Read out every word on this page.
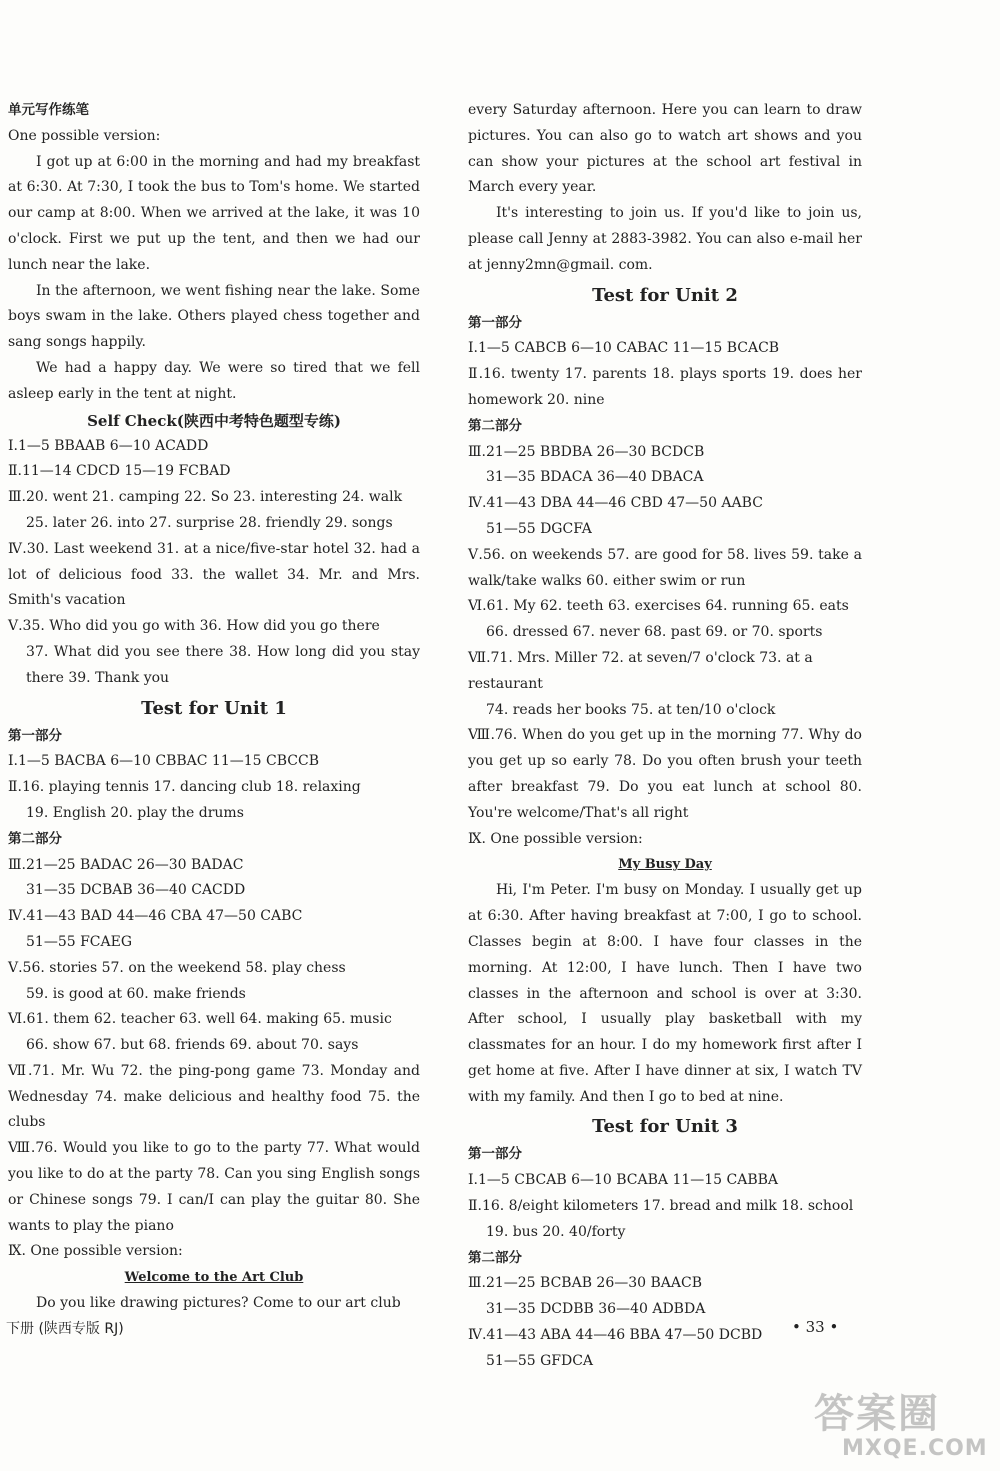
单元写作练笔

One possible version:

I got up at 6:00 in the morning and had my breakfast at 6:30. At 7:30, I took the bus to Tom's home. We started our camp at 8:00. When we arrived at the lake, it was 10 o'clock. First we put up the tent, and then we had our lunch near the lake.

In the afternoon, we went fishing near the lake. Some boys swam in the lake. Others played chess together and sang songs happily.

We had a happy day. We were so tired that we fell asleep early in the tent at night.

Self Check(陕西中考特色题型专练)

Ⅰ.1—5 BBAAB 6—10 ACADD

Ⅱ.11—14 CDCD 15—19 FCBAD

Ⅲ.20. went 21. camping 22. So 23. interesting 24. walk

25. later 26. into 27. surprise 28. friendly 29. songs

Ⅳ.30. Last weekend 31. at a nice/five-star hotel 32. had a lot of delicious food 33. the wallet 34. Mr. and Mrs. Smith's vacation

Ⅴ.35. Who did you go with 36. How did you go there

37. What did you see there 38. How long did you stay there 39. Thank you

Test for Unit 1
第一部分

Ⅰ.1—5 BACBA 6—10 CBBAC 11—15 CBCCB

Ⅱ.16. playing tennis 17. dancing club 18. relaxing

19. English 20. play the drums

第二部分

Ⅲ.21—25 BADAC 26—30 BADAC

31—35 DCBAB 36—40 CACDD

Ⅳ.41—43 BAD 44—46 CBA 47—50 CABC

51—55 FCAEG

Ⅴ.56. stories 57. on the weekend 58. play chess

59. is good at 60. make friends

Ⅵ.61. them 62. teacher 63. well 64. making 65. music

66. show 67. but 68. friends 69. about 70. says

Ⅶ.71. Mr. Wu 72. the ping-pong game 73. Monday and Wednesday 74. make delicious and healthy food 75. the clubs

Ⅷ.76. Would you like to go to the party 77. What would you like to do at the party 78. Can you sing English songs or Chinese songs 79. I can/I can play the guitar 80. She wants to play the piano

Ⅸ. One possible version:

Welcome to the Art Club

Do you like drawing pictures? Come to our art club

every Saturday afternoon. Here you can learn to draw pictures. You can also go to watch art shows and you can show your pictures at the school art festival in March every year.

It's interesting to join us. If you'd like to join us, please call Jenny at 2883-3982. You can also e-mail her at jenny2mn@gmail. com.

Test for Unit 2
第一部分

Ⅰ.1—5 CABCB 6—10 CABAC 11—15 BCACB

Ⅱ.16. twenty 17. parents 18. plays sports 19. does her homework 20. nine

第二部分

Ⅲ.21—25 BBDBA 26—30 BCDCB

31—35 BDACA 36—40 DBACA

Ⅳ.41—43 DBA 44—46 CBD 47—50 AABC

51—55 DGCFA

Ⅴ.56. on weekends 57. are good for 58. lives 59. take a walk/take walks 60. either swim or run

Ⅵ.61. My 62. teeth 63. exercises 64. running 65. eats

66. dressed 67. never 68. past 69. or 70. sports

Ⅶ.71. Mrs. Miller 72. at seven/7 o'clock 73. at a restaurant

74. reads her books 75. at ten/10 o'clock

Ⅷ.76. When do you get up in the morning 77. Why do you get up so early 78. Do you often brush your teeth after breakfast 79. Do you eat lunch at school 80. You're welcome/That's all right

Ⅸ. One possible version:

My Busy Day

Hi, I'm Peter. I'm busy on Monday. I usually get up at 6:30. After having breakfast at 7:00, I go to school. Classes begin at 8:00. I have four classes in the morning. At 12:00, I have lunch. Then I have two classes in the afternoon and school is over at 3:30. After school, I usually play basketball with my classmates for an hour. I do my homework first after I get home at five. After I have dinner at six, I watch TV with my family. And then I go to bed at nine.

Test for Unit 3
第一部分

Ⅰ.1—5 CBCAB 6—10 BCABA 11—15 CABBA

Ⅱ.16. 8/eight kilometers 17. bread and milk 18. school

19. bus 20. 40/forty

第二部分

Ⅲ.21—25 BCBAB 26—30 BAACB

31—35 DCDBB 36—40 ADBDA

Ⅳ.41—43 ABA 44—46 BBA 47—50 DCBD

51—55 GFDCA

下册 (陕西专版 RJ)	• 33 •
答案圈
MXQE.COM
